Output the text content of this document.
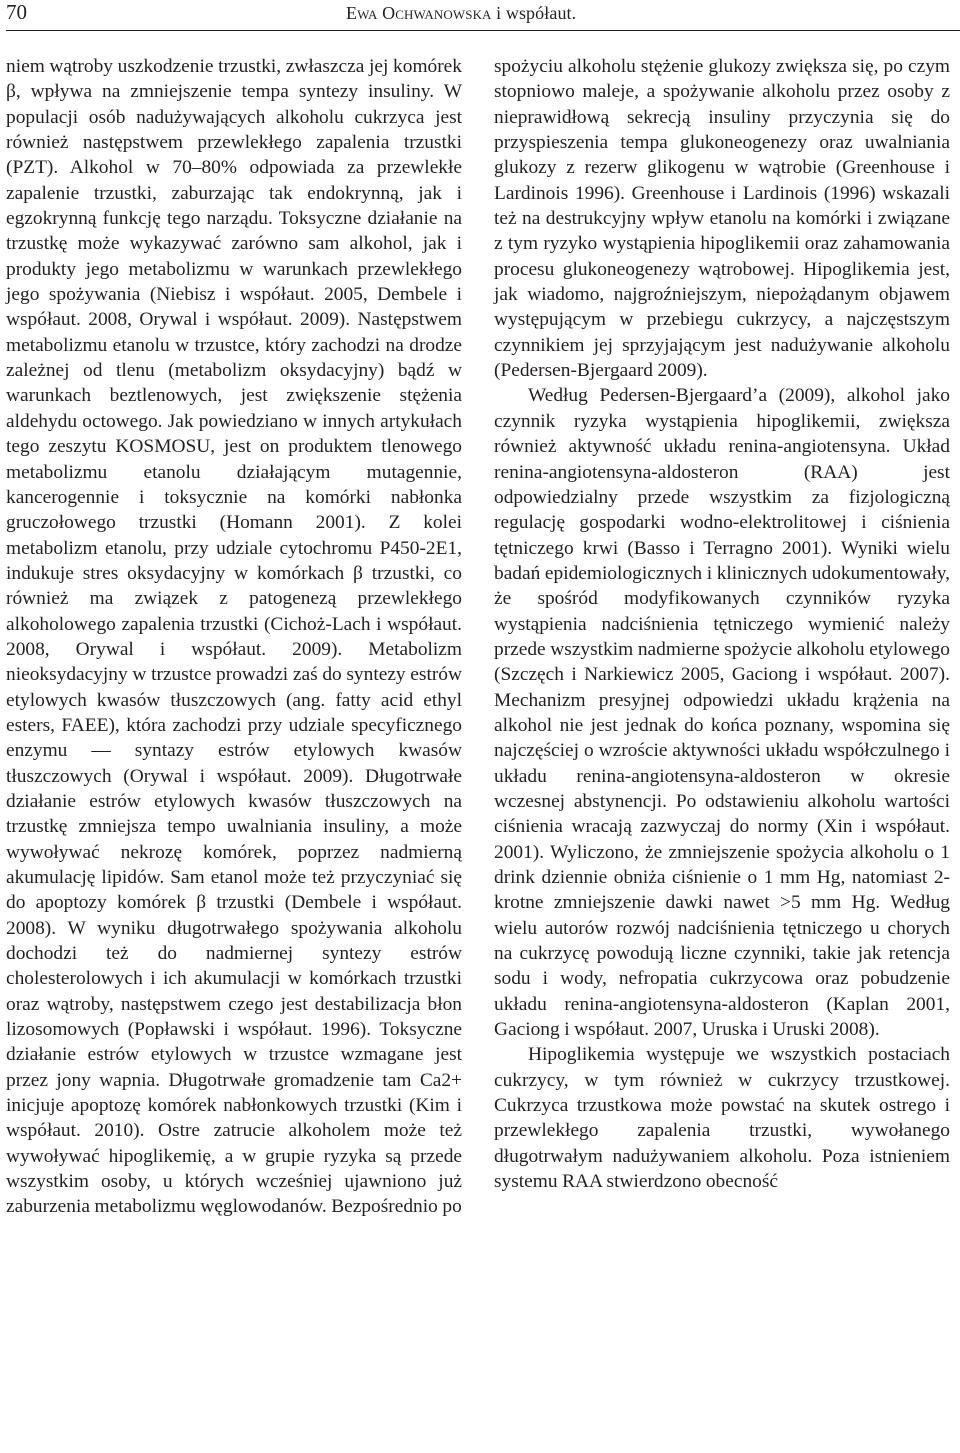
70	Ewa Ochwanowska i współaut.

niem wątroby uszkodzenie trzustki, zwłaszcza jej komórek β, wpływa na zmniejszenie tempa syntezy insuliny. W populacji osób nadużywających alkoholu cukrzyca jest również następstwem przewlekłego zapalenia trzustki (PZT). Alkohol w 70–80% odpowiada za przewlekłe zapalenie trzustki, zaburzając tak endokrynną, jak i egzokrynną funkcję tego narządu. Toksyczne działanie na trzustkę może wykazywać zarówno sam alkohol, jak i produkty jego metabolizmu w warunkach przewlekłego jego spożywania (Niebisz i współaut. 2005, Dembele i współaut. 2008, Orywal i współaut. 2009). Następstwem metabolizmu etanolu w trzustce, który zachodzi na drodze zależnej od tlenu (metabolizm oksydacyjny) bądź w warunkach beztlenowych, jest zwiększenie stężenia aldehydu octowego. Jak powiedziano w innych artykułach tego zeszytu KOSMOSU, jest on produktem tlenowego metabolizmu etanolu działającym mutagennie, kancerogennie i toksycznie na komórki nabłonka gruczołowego trzustki (Homann 2001). Z kolei metabolizm etanolu, przy udziale cytochromu P450-2E1, indukuje stres oksydacyjny w komórkach β trzustki, co również ma związek z patogenezą przewlekłego alkoholowego zapalenia trzustki (Cichoż-Lach i współaut. 2008, Orywal i współaut. 2009). Metabolizm nieoksydacyjny w trzustce prowadzi zaś do syntezy estrów etylowych kwasów tłuszczowych (ang. fatty acid ethyl esters, FAEE), która zachodzi przy udziale specyficznego enzymu — syntazy estrów etylowych kwasów tłuszczowych (Orywal i współaut. 2009). Długotrwałe działanie estrów etylowych kwasów tłuszczowych na trzustkę zmniejsza tempo uwalniania insuliny, a może wywoływać nekrozę komórek, poprzez nadmierną akumulację lipidów. Sam etanol może też przyczyniać się do apoptozy komórek β trzustki (Dembele i współaut. 2008). W wyniku długotrwałego spożywania alkoholu dochodzi też do nadmiernej syntezy estrów cholesterolowych i ich akumulacji w komórkach trzustki oraz wątroby, następstwem czego jest destabilizacja błon lizosomowych (Popławski i współaut. 1996). Toksyczne działanie estrów etylowych w trzustce wzmagane jest przez jony wapnia. Długotrwałe gromadzenie tam Ca2+ inicjuje apoptozę komórek nabłonkowych trzustki (Kim i współaut. 2010). Ostre zatrucie alkoholem może też wywoływać hipoglikemię, a w grupie ryzyka są przede wszystkim osoby, u których wcześniej ujawniono już zaburzenia metabolizmu węglowodanów. Bezpośrednio po

spożyciu alkoholu stężenie glukozy zwiększa się, po czym stopniowo maleje, a spożywanie alkoholu przez osoby z nieprawidłową sekrecją insuliny przyczynia się do przyspieszenia tempa glukoneogenezy oraz uwalniania glukozy z rezerw glikogenu w wątrobie (Greenhouse i Lardinois 1996). Greenhouse i Lardinois (1996) wskazali też na destrukcyjny wpływ etanolu na komórki i związane z tym ryzyko wystąpienia hipoglikemii oraz zahamowania procesu glukoneogenezy wątrobowej. Hipoglikemia jest, jak wiadomo, najgroźniejszym, niepożądanym objawem występującym w przebiegu cukrzycy, a najczęstszym czynnikiem jej sprzyjającym jest nadużywanie alkoholu (Pedersen-Bjergaard 2009).

Według Pedersen-Bjergaard’a (2009), alkohol jako czynnik ryzyka wystąpienia hipoglikemii, zwiększa również aktywność układu renina-angiotensyna. Układ renina-angiotensyna-aldosteron (RAA) jest odpowiedzialny przede wszystkim za fizjologiczną regulację gospodarki wodno-elektrolitowej i ciśnienia tętniczego krwi (Basso i Terragno 2001). Wyniki wielu badań epidemiologicznych i klinicznych udokumentowały, że spośród modyfikowanych czynników ryzyka wystąpienia nadciśnienia tętniczego wymienić należy przede wszystkim nadmierne spożycie alkoholu etylowego (Szczęch i Narkiewicz 2005, Gaciong i współaut. 2007). Mechanizm presyjnej odpowiedzi układu krążenia na alkohol nie jest jednak do końca poznany, wspomina się najczęściej o wzroście aktywności układu współczulnego i układu renina-angiotensyna-aldosteron w okresie wczesnej abstynencji. Po odstawieniu alkoholu wartości ciśnienia wracają zazwyczaj do normy (Xin i współaut. 2001). Wyliczono, że zmniejszenie spożycia alkoholu o 1 drink dziennie obniża ciśnienie o 1 mm Hg, natomiast 2-krotne zmniejszenie dawki nawet >5 mm Hg. Według wielu autorów rozwój nadciśnienia tętniczego u chorych na cukrzycę powodują liczne czynniki, takie jak retencja sodu i wody, nefropatia cukrzycowa oraz pobudzenie układu renina-angiotensyna-aldosteron (Kaplan 2001, Gaciong i współaut. 2007, Uruska i Uruski 2008).

Hipoglikemia występuje we wszystkich postaciach cukrzycy, w tym również w cukrzycy trzustkowej. Cukrzyca trzustkowa może powstać na skutek ostrego i przewlekłego zapalenia trzustki, wywołanego długotrwałym nadużywaniem alkoholu. Poza istnieniem systemu RAA stwierdzono obecność
